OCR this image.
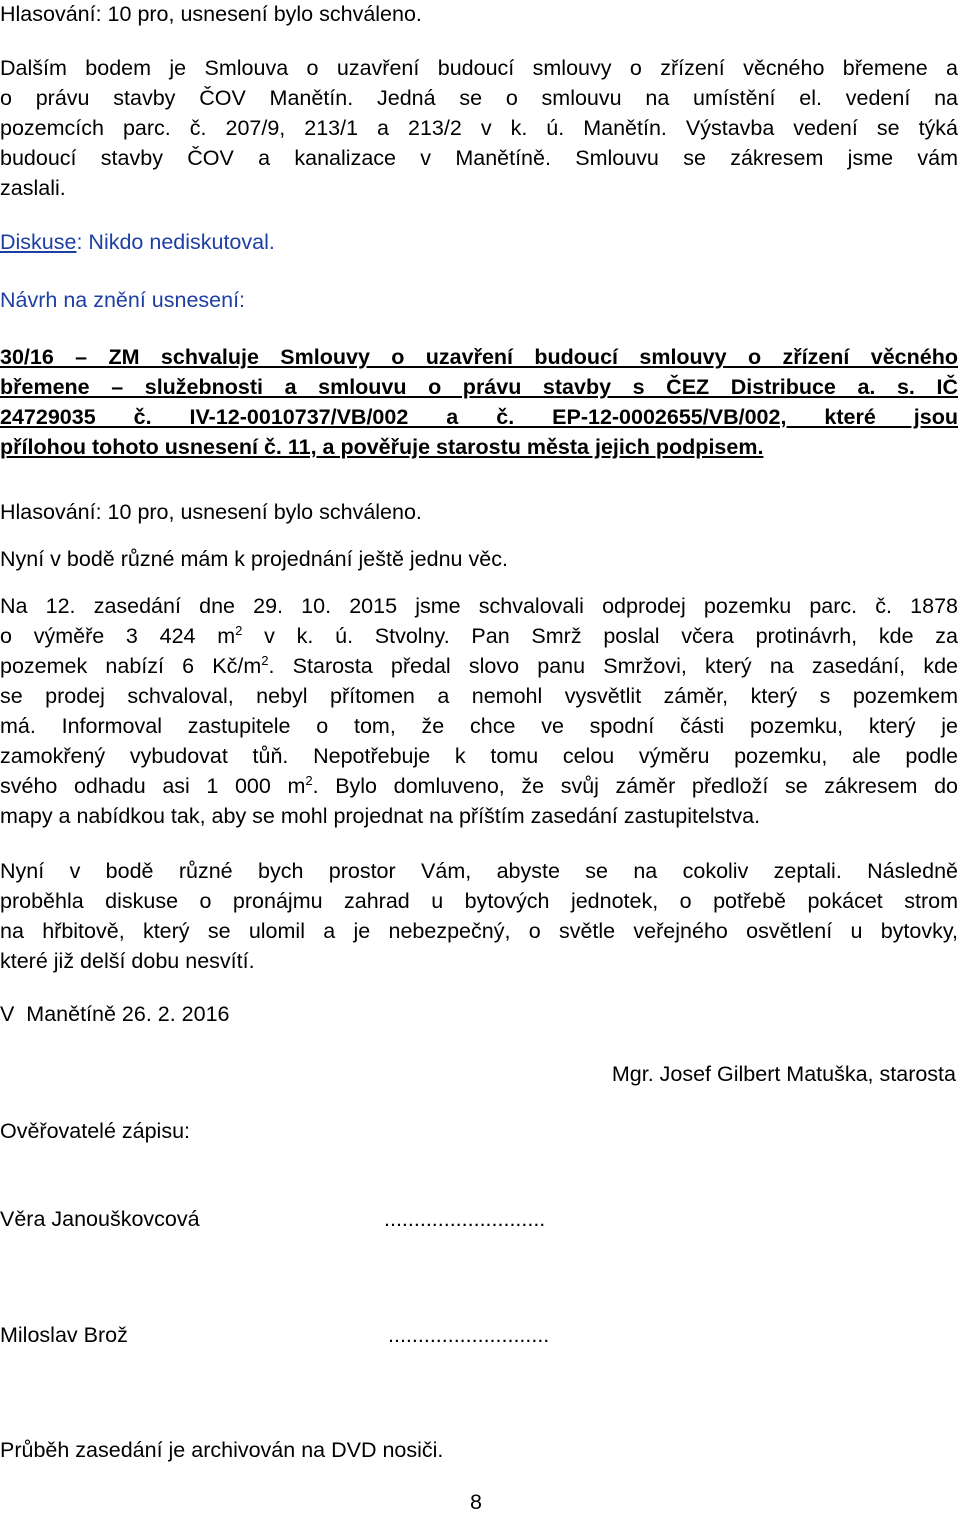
Hlasování: 10 pro, usnesení bylo schváleno.
Dalším bodem je Smlouva o uzavření budoucí smlouvy o zřízení věcného břemene a
o právu stavby ČOV Manětín. Jedná se o smlouvu na umístění el. vedení na
pozemcích parc. č. 207/9, 213/1 a 213/2 v k. ú. Manětín. Výstavba vedení se týká
budoucí stavby ČOV a kanalizace v Manětíně. Smlouvu se zákresem jsme vám
zaslali.
Diskuse: Nikdo nediskutoval.
Návrh na znění usnesení:
30/16 – ZM schvaluje Smlouvy o uzavření budoucí smlouvy o zřízení věcného
břemene – služebnosti a smlouvu o právu stavby s ČEZ Distribuce a. s. IČ
24729035 č. IV-12-0010737/VB/002 a č. EP-12-0002655/VB/002, které jsou
přílohou tohoto usnesení č. 11, a pověřuje starostu města jejich podpisem.
Hlasování: 10 pro, usnesení bylo schváleno.
Nyní v bodě různé mám k projednání ještě jednu věc.
Na 12. zasedání dne 29. 10. 2015 jsme schvalovali odprodej pozemku parc. č. 1878
o výměře 3 424 $m^2$ v k. ú. Stvolny. Pan Smrž poslal včera protinávrh, kde za
pozemek nabízí 6 $Kč/m^2$. Starosta předal slovo panu Smržovi, který na zasedání, kde
se prodej schvaloval, nebyl přítomen a nemohl vysvětlit záměr, který s pozemkem
má. Informoval zastupitele o tom, že chce ve spodní části pozemku, který je
zamokřený vybudovat tůň. Nepotřebuje k tomu celou výměru pozemku, ale podle
svého odhadu asi 1 000 $m^2$. Bylo domluveno, že svůj záměr předloží se zákresem do
mapy a nabídkou tak, aby se mohl projednat na příštím zasedání zastupitelstva.
Nyní v bodě různé bych prostor Vám, abyste se na cokoliv zeptali. Následně
proběhla diskuse o pronájmu zahrad u bytových jednotek, o potřebě pokácet strom
na hřbitově, který se ulomil a je nebezpečný, o světle veřejného osvětlení u bytovky,
které již delší dobu nesvítí.
V  Manětíně 26. 2. 2016
Mgr. Josef Gilbert Matuška, starosta
Ověřovatelé zápisu:
Věra Janouškovcová	...........................
Miloslav Brož	...........................
Průběh zasedání je archivován na DVD nosiči.
8
